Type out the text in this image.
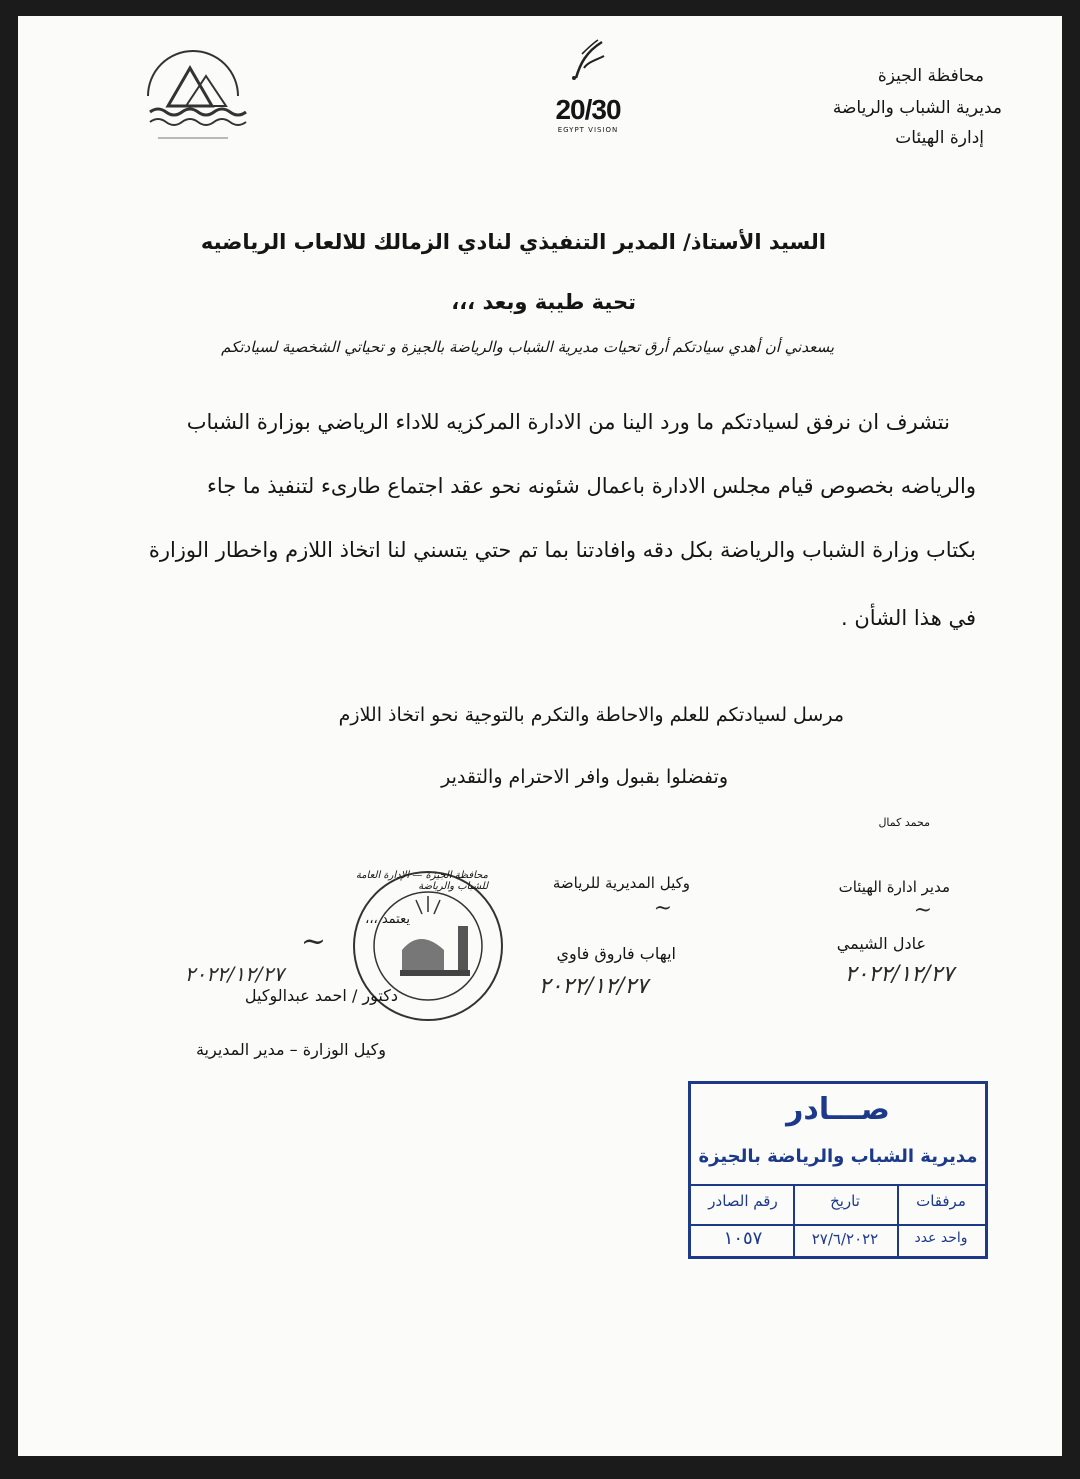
محافظة الجيزة
مديرية الشباب والرياضة
إدارة الهيئات
20/30
EGYPT VISION
السيد الأستاذ/ المدير التنفيذي لنادي الزمالك للالعاب الرياضيه
تحية طيبة وبعد ،،،
يسعدني أن أهدي سيادتكم أرق تحيات مديرية الشباب والرياضة بالجيزة و تحياتي الشخصية لسيادتكم
نتشرف ان نرفق لسيادتكم ما ورد الينا من الادارة المركزيه للاداء الرياضي بوزارة الشباب
والرياضه بخصوص قيام مجلس الادارة باعمال شئونه نحو عقد اجتماع طارىء لتنفيذ ما جاء
بكتاب وزارة الشباب والرياضة بكل دقه وافادتنا بما تم حتي يتسني لنا اتخاذ اللازم واخطار الوزارة
في هذا الشأن .
مرسل لسيادتكم للعلم والاحاطة والتكرم بالتوجية نحو اتخاذ اللازم
وتفضلوا بقبول وافر الاحترام والتقدير
محمد كمال
مدير ادارة الهيئات
~
عادل الشيمي
٢٠٢٢/١٢/٢٧
وكيل المديرية للرياضة
~
ايهاب فاروق فاوي
٢٠٢٢/١٢/٢٧
محافظة الجيزة — الإدارة العامة للشباب والرياضة
يعتمد ،،،
~
٢٠٢٢/١٢/٢٧
دكتور / احمد عبدالوكيل
وكيل الوزارة – مدير المديرية
صـــادر
مديرية الشباب والرياضة بالجيزة
مرفقات
تاريخ
رقم الصادر
واحد عدد
٢٧/٦/٢٠٢٢
١٠٥٧
